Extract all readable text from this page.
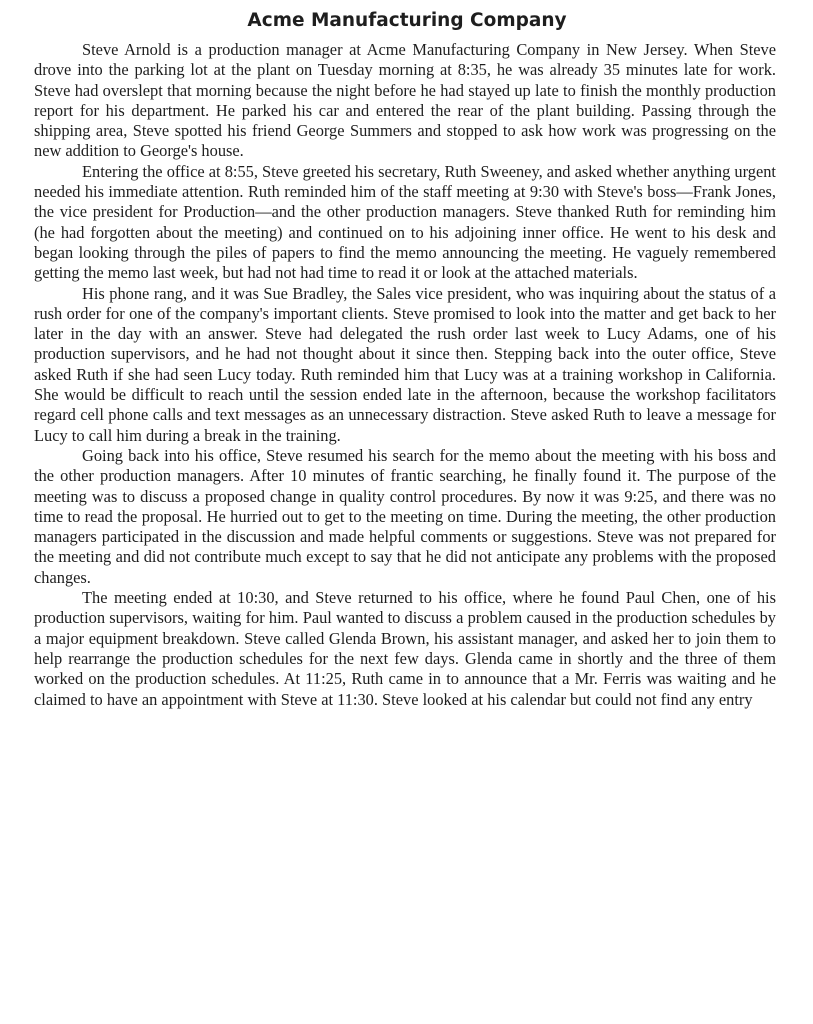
Acme Manufacturing Company

Steve Arnold is a production manager at Acme Manufacturing Company in New Jersey. When Steve drove into the parking lot at the plant on Tuesday morning at 8:35, he was already 35 minutes late for work. Steve had overslept that morning because the night before he had stayed up late to finish the monthly production report for his department. He parked his car and entered the rear of the plant building. Passing through the shipping area, Steve spotted his friend George Summers and stopped to ask how work was progressing on the new addition to George's house.

Entering the office at 8:55, Steve greeted his secretary, Ruth Sweeney, and asked whether anything urgent needed his immediate attention. Ruth reminded him of the staff meeting at 9:30 with Steve's boss—Frank Jones, the vice president for Production—and the other production managers. Steve thanked Ruth for reminding him (he had forgotten about the meeting) and continued on to his adjoining inner office. He went to his desk and began looking through the piles of papers to find the memo announcing the meeting. He vaguely remembered getting the memo last week, but had not had time to read it or look at the attached materials.

His phone rang, and it was Sue Bradley, the Sales vice president, who was inquiring about the status of a rush order for one of the company's important clients. Steve promised to look into the matter and get back to her later in the day with an answer. Steve had delegated the rush order last week to Lucy Adams, one of his production supervisors, and he had not thought about it since then. Stepping back into the outer office, Steve asked Ruth if she had seen Lucy today. Ruth reminded him that Lucy was at a training workshop in California. She would be difficult to reach until the session ended late in the afternoon, because the workshop facilitators regard cell phone calls and text messages as an unnecessary distraction. Steve asked Ruth to leave a message for Lucy to call him during a break in the training.

Going back into his office, Steve resumed his search for the memo about the meeting with his boss and the other production managers. After 10 minutes of frantic searching, he finally found it. The purpose of the meeting was to discuss a proposed change in quality control procedures. By now it was 9:25, and there was no time to read the proposal. He hurried out to get to the meeting on time. During the meeting, the other production managers participated in the discussion and made helpful comments or suggestions. Steve was not prepared for the meeting and did not contribute much except to say that he did not anticipate any problems with the proposed changes.

The meeting ended at 10:30, and Steve returned to his office, where he found Paul Chen, one of his production supervisors, waiting for him. Paul wanted to discuss a problem caused in the production schedules by a major equipment breakdown. Steve called Glenda Brown, his assistant manager, and asked her to join them to help rearrange the production schedules for the next few days. Glenda came in shortly and the three of them worked on the production schedules. At 11:25, Ruth came in to announce that a Mr. Ferris was waiting and he claimed to have an appointment with Steve at 11:30. Steve looked at his calendar but could not find any entry
